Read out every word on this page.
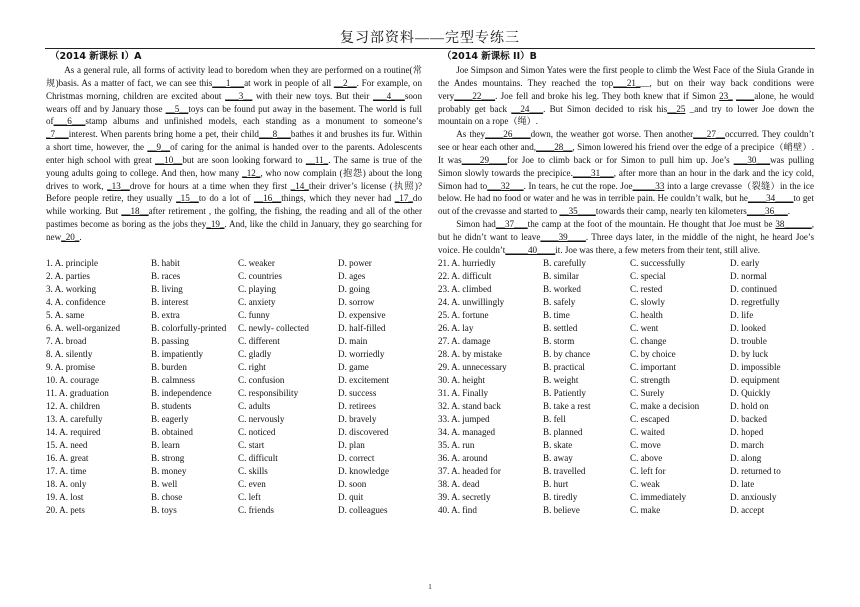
复习部资料——完型专练三
（2014 新课标 I）A

As a general rule, all forms of activity lead to boredom when they are performed on a routine(常规)basis. As a matter of fact, we can see this___1___at work in people of all __2__. For example, on Christmas morning, children are excited about ___3__ with their new toys. But their ___4___soon wears off and by January those __5__toys can be found put away in the basement. The world is full of___6___stamp albums and unfinished models, each standing as a monument to someone’s _7___interest. When parents bring home a pet, their child___8___bathes it and brushes its fur. Within a short time, however, the __9__of caring for the animal is handed over to the parents. Adolescents enter high school with great __10__but are soon looking forward to __11_. The same is true of the young adults going to college. And then, how many _12_, who now complain (抱怨) about the long drives to work, _13__drove for hours at a time when they first _14_their driver’s license (执照)? Before people retire, they usually _15__to do a lot of __16__things, which they never had _17_do while working. But __18__after retirement , the golfing, the fishing, the reading and all of the other pastimes become as boring as the jobs they_19_. And, like the child in January, they go searching for new_20_.

1. A. principle	B. habit	C. weaker	D. power
2. A. parties	B. races	C. countries	D. ages
3. A. working	B. living	C. playing	D. going
4. A. confidence	B. interest	C. anxiety	D. sorrow
5. A. same	B. extra	C. funny	D. expensive
6. A. well-organized	B. colorfully-printed	C. newly- collected	D. half-filled
7. A. broad	B. passing	C. different	D. main
8. A. silently	B. impatiently	C. gladly	D. worriedly
9. A. promise	B. burden	C. right	D. game
10. A. courage	B. calmness	C. confusion	D. excitement
11. A. graduation	B. independence	C. responsibility	D. success
12. A. children	B. students	C. adults	D. retirees
13. A. carefully	B. eagerly	C. nervously	D. bravely
14. A. required	B. obtained	C. noticed	D. discovered
15. A. need	B. learn	C. start	D. plan
16. A. great	B. strong	C. difficult	D. correct
17. A. time	B. money	C. skills	D. knowledge
18. A. only	B. well	C. even	D. soon
19. A. lost	B. chose	C. left	D. quit
20. A. pets	B. toys	C. friends	D. colleagues
（2014 新课标 II）B

Joe Simpson and Simon Yates were the first people to climb the West Face of the Siula Grande in the Andes mountains. They reached the top___21___, but on their way back conditions were very____22___. Joe fell and broke his leg. They both knew that if Simon 23_ ____alone, he would probably get back __24___. But Simon decided to risk his__25 _and try to lower Joe down the mountain on a rope（绳）.

As they____26____down, the weather got worse. Then another___27__occurred. They couldn’t see or hear each other and,____28__, Simon lowered his friend over the edge of a precipice（峭壁）. It was____29____for Joe to climb back or for Simon to pull him up. Joe’s ___30___was pulling Simon slowly towards the precipice.____31___, after more than an hour in the dark and the icy cold, Simon had to___32___. In tears, he cut the rope. Joe_____33 into a large crevasse（裂缝）in the ice below. He had no food or water and he was in terrible pain. He couldn’t walk, but he____34____to get out of the crevasse and started to __35____towards their camp, nearly ten kilometers____36___.

Simon had__37___the camp at the foot of the mountain. He thought that Joe must be 38______, but he didn’t want to leave____39____. Three days later, in the middle of the night, he heard Joe’s voice. He couldn’t_____40____it. Joe was there, a few meters from their tent, still alive.

21. A. hurriedly	B. carefully	C. successfully	D. early
22. A. difficult	B. similar	C. special	D. normal
23. A. climbed	B. worked	C. rested	D. continued
24. A. unwillingly	B. safely	C. slowly	D. regretfully
25. A. fortune	B. time	C. health	D. life
26. A. lay	B. settled	C. went	D. looked
27. A. damage	B. storm	C. change	D. trouble
28. A. by mistake	B. by chance	C. by choice	D. by luck
29. A. unnecessary	B. practical	C. important	D. impossible
30. A. height	B. weight	C. strength	D. equipment
31. A. Finally	B. Patiently	C. Surely	D. Quickly
32. A. stand back	B. take a rest	C. make a decision	D. hold on
33. A. jumped	B. fell	C. escaped	D. backed
34. A. managed	B. planned	C. waited	D. hoped
35. A. run	B. skate	C. move	D. march
36. A. around	B. away	C. above	D. along
37. A. headed for	B. travelled	C. left for	D. returned to
38. A. dead	B. hurt	C. weak	D. late
39. A. secretly	B. tiredly	C. immediately	D. anxiously
40. A. find	B. believe	C. make	D. accept
1
